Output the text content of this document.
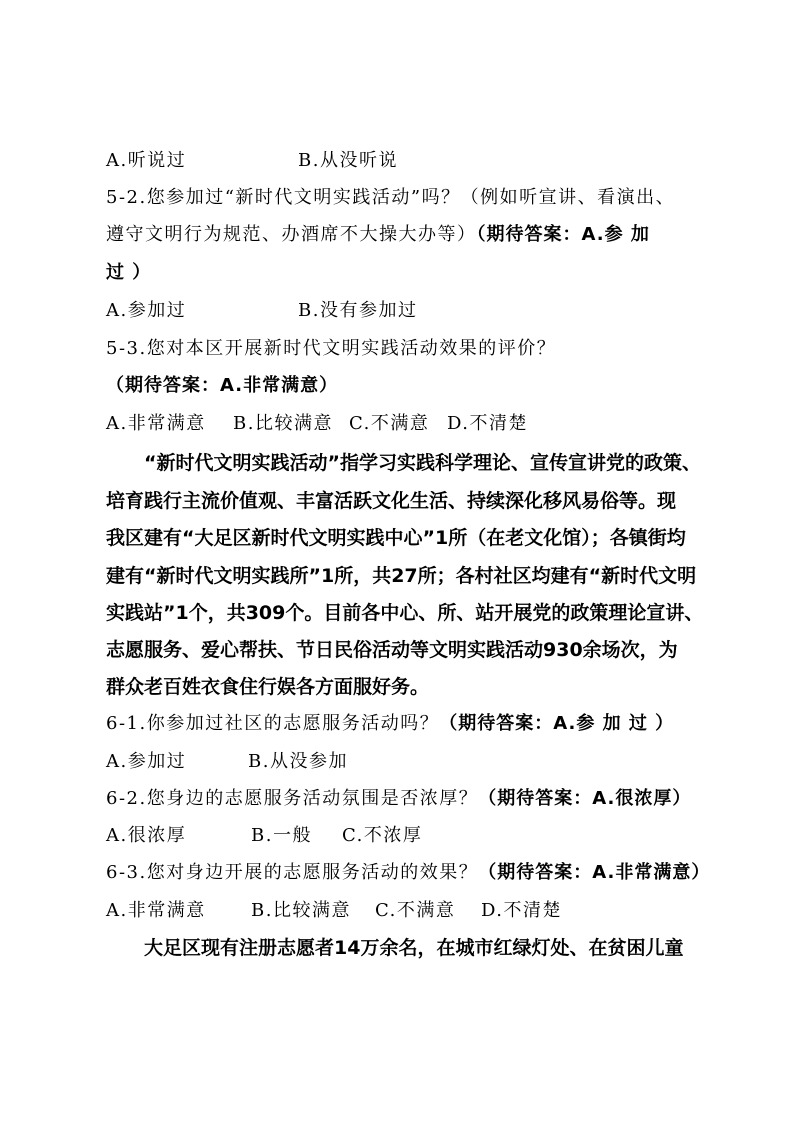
A.听说过	B.从没听说
5-2.您参加过“新时代文明实践活动”吗？（例如听宣讲、看演出、
遵守文明行为规范、办酒席不大操大办等）（期待答案：A.参 加
过 ）
A.参加过	B.没有参加过
5-3.您对本区开展新时代文明实践活动效果的评价？
（期待答案：A.非常满意）
A.非常满意 B.比较满意 C.不满意 D.不清楚
“新时代文明实践活动”指学习实践科学理论、宣传宣讲党的政策、
培育践行主流价值观、丰富活跃文化生活、持续深化移风易俗等。现
我区建有“大足区新时代文明实践中心”1所（在老文化馆）；各镇街均
建有“新时代文明实践所”1所，共27所；各村社区均建有“新时代文明
实践站”1个，共309个。目前各中心、所、站开展党的政策理论宣讲、
志愿服务、爱心帮扶、节日民俗活动等文明实践活动930余场次，为
群众老百姓衣食住行娱各方面服好务。
6-1.你参加过社区的志愿服务活动吗？（期待答案：A.参 加 过 ）
A.参加过	B.从没参加
6-2.您身边的志愿服务活动氛围是否浓厚？（期待答案：A.很浓厚）
A.很浓厚	B.一般 C.不浓厚
6-3.您对身边开展的志愿服务活动的效果？（期待答案：A.非常满意）
A.非常满意	B.比较满意 C.不满意 D.不清楚
大足区现有注册志愿者14万余名，在城市红绿灯处、在贫困儿童
